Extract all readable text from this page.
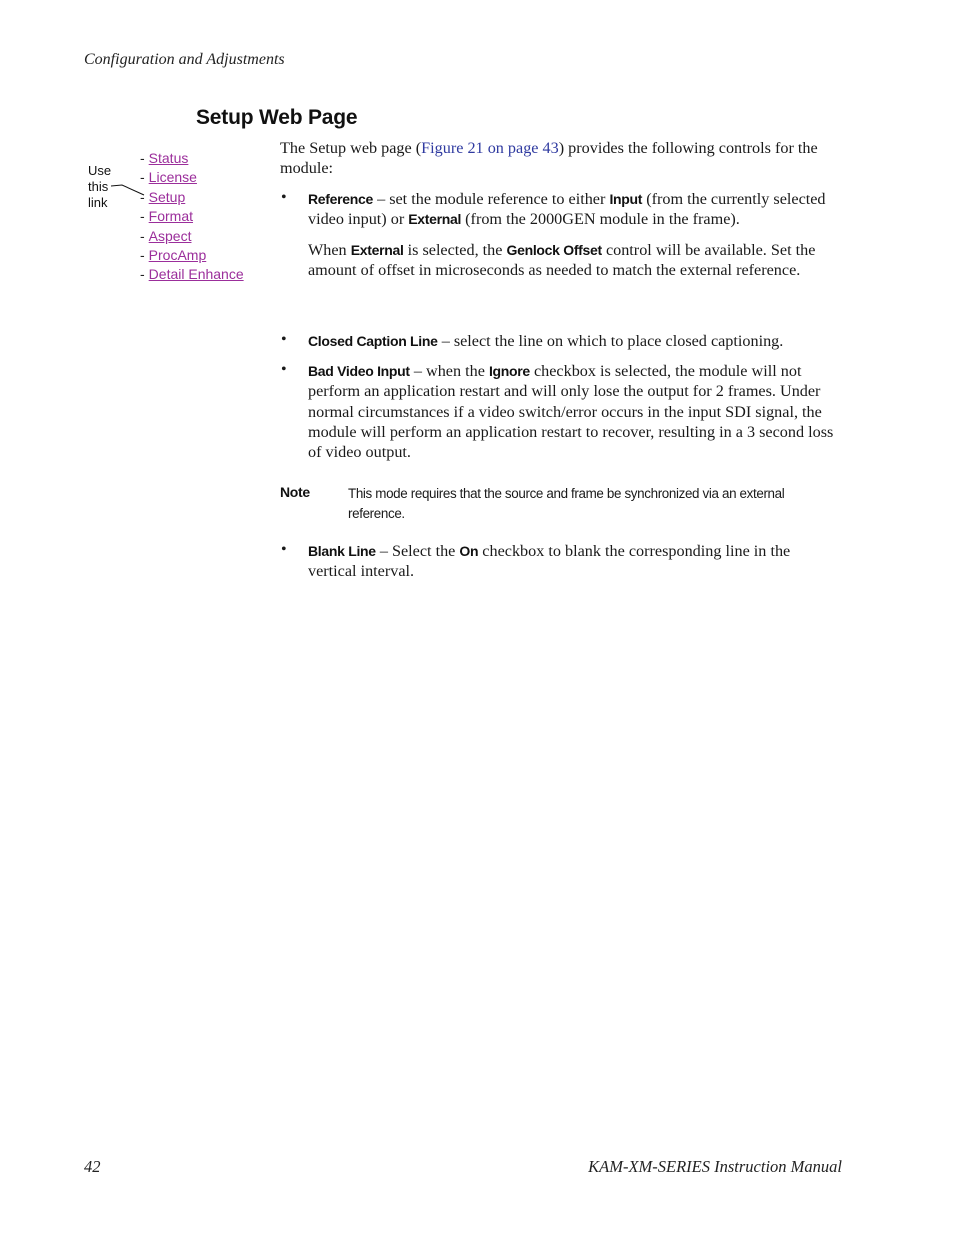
Configuration and Adjustments
Setup Web Page
Use
this
link
- Status
- License
- Setup
- Format
- Aspect
- ProcAmp
- Detail Enhance
The Setup web page (Figure 21 on page 43) provides the following controls for the module:
• Reference – set the module reference to either Input (from the currently selected video input) or External (from the 2000GEN module in the frame).
When External is selected, the Genlock Offset control will be available. Set the amount of offset in microseconds as needed to match the external reference.
• Closed Caption Line – select the line on which to place closed captioning.
• Bad Video Input – when the Ignore checkbox is selected, the module will not perform an application restart and will only lose the output for 2 frames. Under normal circumstances if a video switch/error occurs in the input SDI signal, the module will perform an application restart to recover, resulting in a 3 second loss of video output.
Note	This mode requires that the source and frame be synchronized via an external reference.
• Blank Line – Select the On checkbox to blank the corresponding line in the vertical interval.
42	KAM-XM-SERIES Instruction Manual
